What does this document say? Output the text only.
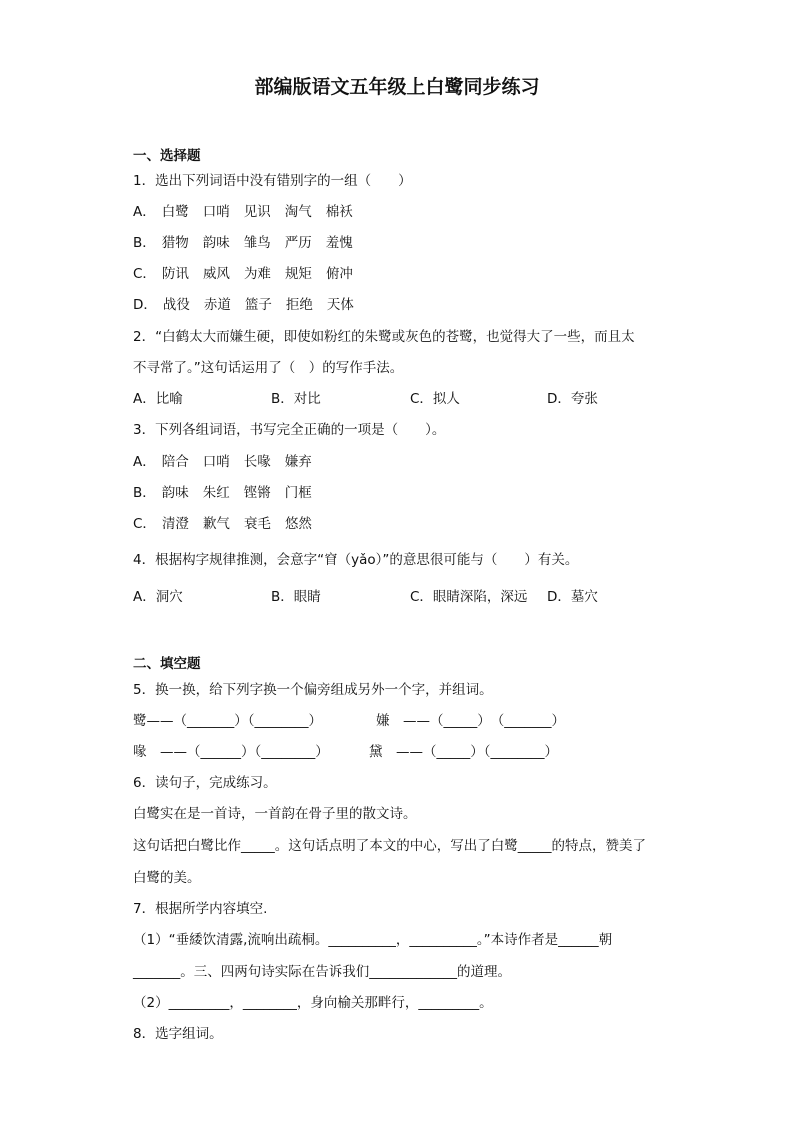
部编版语文五年级上白鹭同步练习
一、选择题
1．选出下列词语中没有错别字的一组（　　）
A． 白鹭 口哨 见识 淘气 棉袄
B． 猎物 韵味 雏鸟 严历 羞愧
C． 防讯 威风 为难 规矩 俯冲
D． 战役 赤道 篮子 拒绝 天体
2．“白鹤太大而嫌生硬，即使如粉红的朱鹭或灰色的苍鹭，也觉得大了一些，而且太
不寻常了。”这句话运用了（　）的写作手法。
A．比喻	B．对比	C．拟人	D．夸张
3．下列各组词语，书写完全正确的一项是（　　）。
A． 陪合 口哨 长喙 嫌弃
B． 韵味 朱红 铿锵 门框
C． 清澄 歉气 衰毛 悠然
4．根据构字规律推测，会意字“窅（yǎo）”的意思很可能与（　　）有关。
A．洞穴	B．眼睛	C．眼睛深陷，深远 D．墓穴
二、填空题
5．换一换，给下列字换一个偏旁组成另外一个字，并组词。
鹭——（_______）（________）	嫌　——（_____）　（_______）
喙　——（______）（________）	黛　——（_____）（________）
6．读句子，完成练习。
白鹭实在是一首诗，一首韵在骨子里的散文诗。
这句话把白鹭比作_____。这句话点明了本文的中心，写出了白鹭_____的特点，赞美了
白鹭的美。
7．根据所学内容填空.
（1）“垂緌饮清露,流响出疏桐。__________，__________。”本诗作者是______朝
_______。三、四两句诗实际在告诉我们_____________的道理。
（2）_________，________，身向榆关那畔行，_________。
8．选字组词。
